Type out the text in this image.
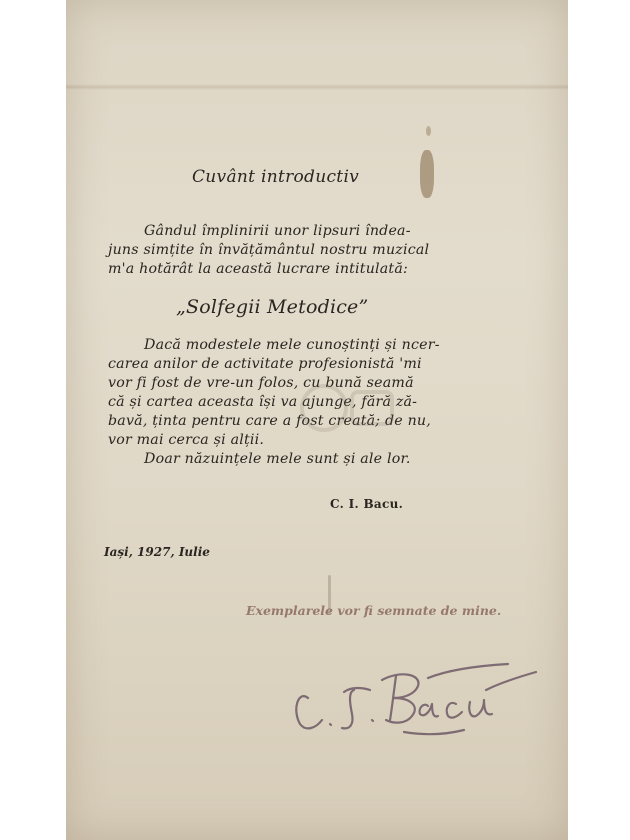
Cuvânt introductiv

Gândul împlinirii unor lipsuri îndea-

juns simțite în învățământul nostru muzical

m'a hotărât la această lucrare intitulată:

„Solfegii Metodice”

Dacă modestele mele cunoștinți și ncer-

carea anilor de activitate profesionistă 'mi

vor fi fost de vre-un folos, cu bună seamă

că și cartea aceasta își va ajunge, fără ză-

bavă, ținta pentru care a fost creată; de nu,

vor mai cerca și alții.

Doar năzuințele mele sunt și ale lor.

C. I. Bacu.

Iași, 1927, Iulie

Exemplarele vor fi semnate de mine.
